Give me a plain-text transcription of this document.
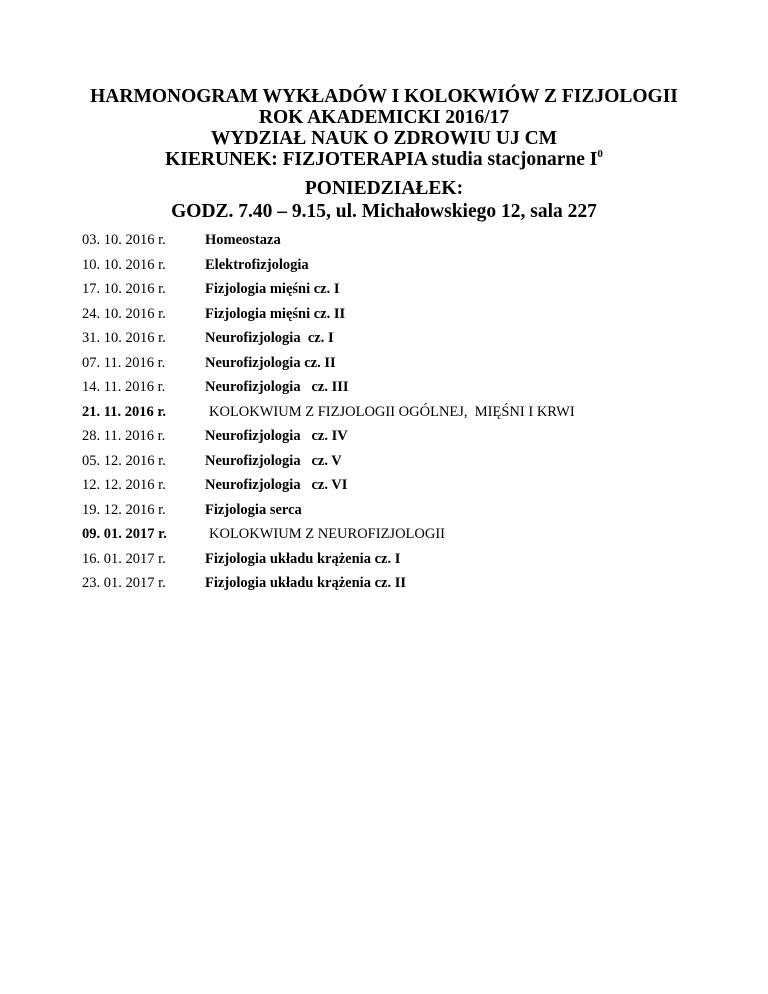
HARMONOGRAM WYKŁADÓW I KOLOKWIÓW Z FIZJOLOGII
ROK AKADEMICKI 2016/17
WYDZIAŁ NAUK O ZDROWIU UJ CM
KIERUNEK: FIZJOTERAPIA studia stacjonarne $I^0$
PONIEDZIAŁEK:
GODZ. 7.40 – 9.15, ul. Michałowskiego 12, sala 227
03. 10. 2016 r.	Homeostaza
10. 10. 2016 r.	Elektrofizjologia
17. 10. 2016 r.	Fizjologia mięśni cz. I
24. 10. 2016 r.	Fizjologia mięśni cz. II
31. 10. 2016 r.	Neurofizjologia  cz. I
07. 11. 2016 r.	Neurofizjologia cz. II
14. 11. 2016 r.	Neurofizjologia   cz. III
21. 11. 2016 r.	KOLOKWIUM Z FIZJOLOGII OGÓLNEJ,  MIĘŚNI I KRWI
28. 11. 2016 r.	Neurofizjologia   cz. IV
05. 12. 2016 r.	Neurofizjologia   cz. V
12. 12. 2016 r.	Neurofizjologia   cz. VI
19. 12. 2016 r.	Fizjologia serca
09. 01. 2017 r.	KOLOKWIUM Z NEUROFIZJOLOGII
16. 01. 2017 r.	Fizjologia układu krążenia cz. I
23. 01. 2017 r.	Fizjologia układu krążenia cz. II
